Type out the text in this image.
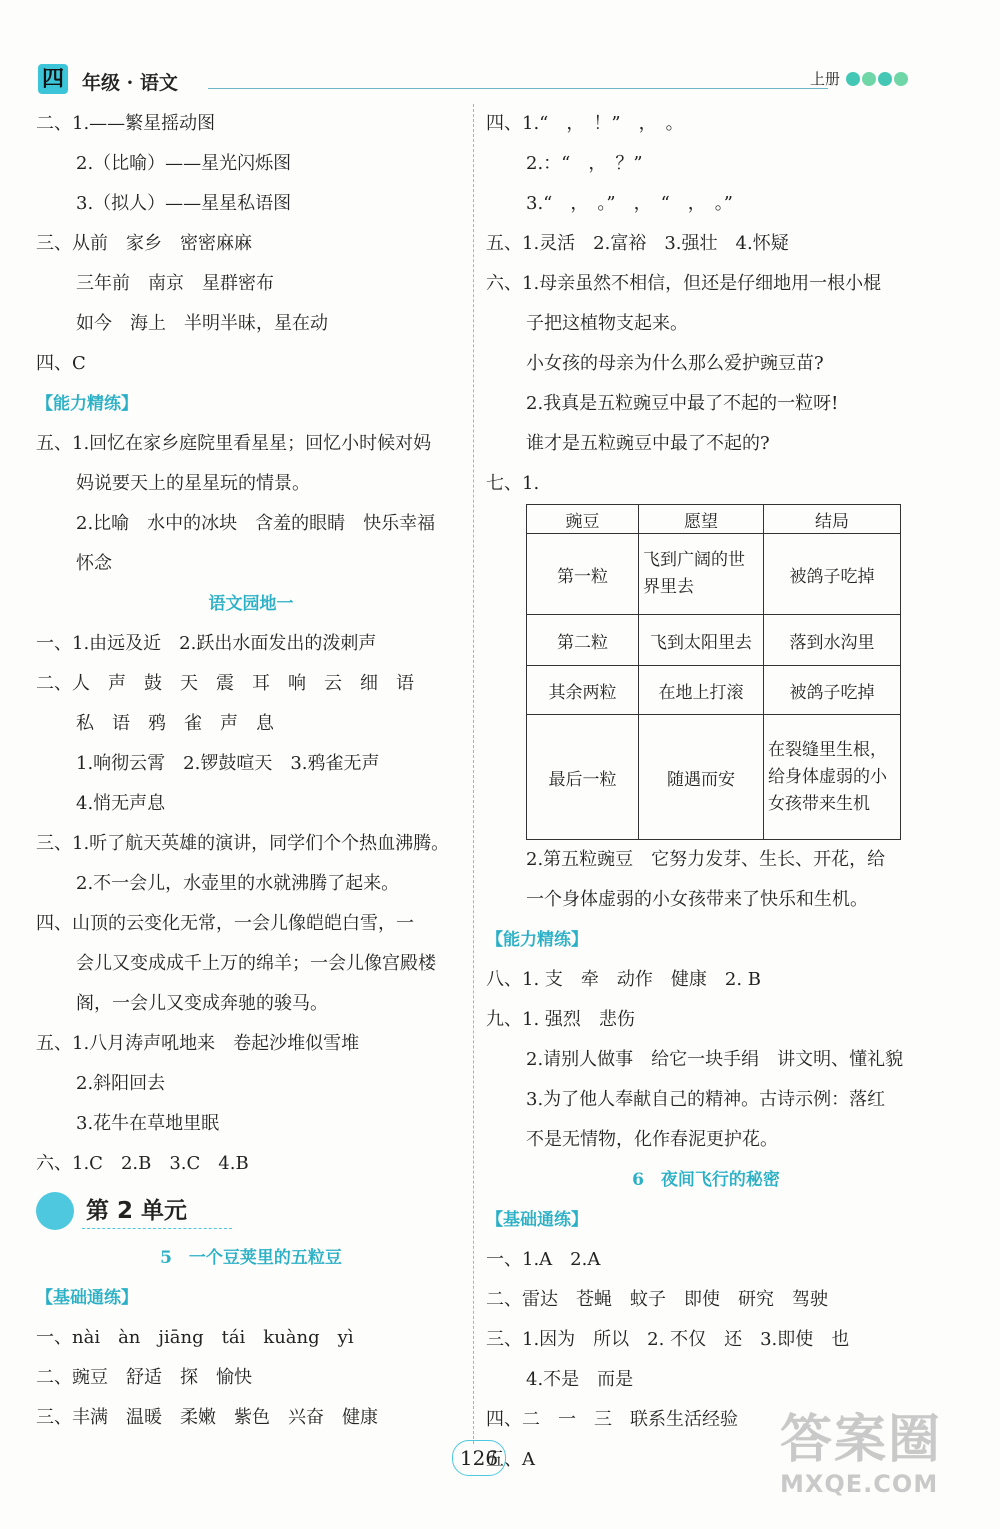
四 年级 · 语文	上册
二、1.——繁星摇动图
2.（比喻）——星光闪烁图
3.（拟人）——星星私语图
三、从前　家乡　密密麻麻
三年前　南京　星群密布
如今　海上　半明半昧，星在动
四、C
【能力精练】
五、1.回忆在家乡庭院里看星星；回忆小时候对妈
妈说要天上的星星玩的情景。
2.比喻　水中的冰块　含羞的眼睛　快乐幸福
怀念
语文园地一
一、1.由远及近　2.跃出水面发出的泼刺声
二、人　声　鼓　天　震　耳　响　云　细　语
私　语　鸦　雀　声　息
1.响彻云霄　2.锣鼓喧天　3.鸦雀无声
4.悄无声息
三、1.听了航天英雄的演讲，同学们个个热血沸腾。
2.不一会儿，水壶里的水就沸腾了起来。
四、山顶的云变化无常，一会儿像皑皑白雪，一
会儿又变成成千上万的绵羊；一会儿像宫殿楼
阁，一会儿又变成奔驰的骏马。
五、1.八月涛声吼地来　卷起沙堆似雪堆
2.斜阳回去
3.花牛在草地里眠
六、1.C　2.B　3.C　4.B
第 2 单元
5　一个豆荚里的五粒豆
【基础通练】
一、nài　àn　jiāng　tái　kuàng　yì
二、豌豆　舒适　探　愉快
三、丰满　温暖　柔嫩　紫色　兴奋　健康
四、1.“　，　！”　，　。
2.：“　，　？”
3.“　，　。”　，　“　，　。”
五、1.灵活　2.富裕　3.强壮　4.怀疑
六、1.母亲虽然不相信，但还是仔细地用一根小棍
子把这植物支起来。
小女孩的母亲为什么那么爱护豌豆苗?
2.我真是五粒豌豆中最了不起的一粒呀!
谁才是五粒豌豆中最了不起的?
七、1.
豌豆	愿望	结局
第一粒	飞到广阔的世界里去	被鸽子吃掉
第二粒	飞到太阳里去	落到水沟里
其余两粒	在地上打滚	被鸽子吃掉
最后一粒	随遇而安	在裂缝里生根，给身体虚弱的小女孩带来生机
2.第五粒豌豆　它努力发芽、生长、开花，给
一个身体虚弱的小女孩带来了快乐和生机。
【能力精练】
八、1. 支　牵　动作　健康　2. B
九、1. 强烈　悲伤
2.请别人做事　给它一块手绢　讲文明、懂礼貌
3.为了他人奉献自己的精神。古诗示例：落红
不是无情物，化作春泥更护花。
6　夜间飞行的秘密
【基础通练】
一、1.A　2.A
二、雷达　苍蝇　蚊子　即使　研究　驾驶
三、1.因为　所以　2. 不仅　还　3.即使　也
4.不是　而是
四、二　一　三　联系生活经验
五、A
126	答案圈
MXQE.COM
